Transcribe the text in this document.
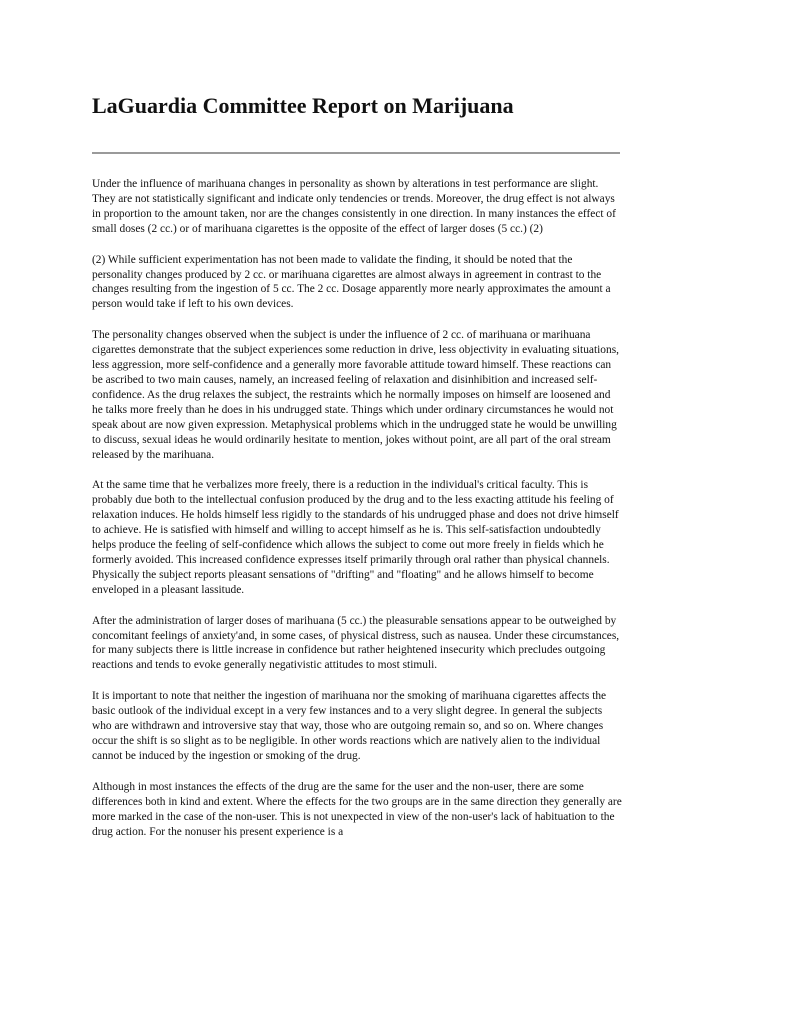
LaGuardia Committee Report on Marijuana

Under the influence of marihuana changes in personality as shown by alterations in test performance are slight. They are not statistically significant and indicate only tendencies or trends. Moreover, the drug effect is not always in proportion to the amount taken, nor are the changes consistently in one direction. In many instances the effect of small doses (2 cc.) or of marihuana cigarettes is the opposite of the effect of larger doses (5 cc.) (2)

(2) While sufficient experimentation has not been made to validate the finding, it should be noted that the personality changes produced by 2 cc. or marihuana cigarettes are almost always in agreement in contrast to the changes resulting from the ingestion of 5 cc. The 2 cc. Dosage apparently more nearly approximates the amount a person would take if left to his own devices.

The personality changes observed when the subject is under the influence of 2 cc. of marihuana or marihuana cigarettes demonstrate that the subject experiences some reduction in drive, less objectivity in evaluating situations, less aggression, more self-confidence and a generally more favorable attitude toward himself. These reactions can be ascribed to two main causes, namely, an increased feeling of relaxation and disinhibition and increased self-confidence. As the drug relaxes the subject, the restraints which he normally imposes on himself are loosened and he talks more freely than he does in his undrugged state. Things which under ordinary circumstances he would not speak about are now given expression. Metaphysical problems which in the undrugged state he would be unwilling to discuss, sexual ideas he would ordinarily hesitate to mention, jokes without point, are all part of the oral stream released by the marihuana.

At the same time that he verbalizes more freely, there is a reduction in the individual's critical faculty. This is probably due both to the intellectual confusion produced by the drug and to the less exacting attitude his feeling of relaxation induces. He holds himself less rigidly to the standards of his undrugged phase and does not drive himself to achieve. He is satisfied with himself and willing to accept himself as he is. This self-satisfaction undoubtedly helps produce the feeling of self-confidence which allows the subject to come out more freely in fields which he formerly avoided. This increased confidence expresses itself primarily through oral rather than physical channels. Physically the subject reports pleasant sensations of "drifting" and "floating" and he allows himself to become enveloped in a pleasant lassitude.

After the administration of larger doses of marihuana (5 cc.) the pleasurable sensations appear to be outweighed by concomitant feelings of anxiety'and, in some cases, of physical distress, such as nausea. Under these circumstances, for many subjects there is little increase in confidence but rather heightened insecurity which precludes outgoing reactions and tends to evoke generally negativistic attitudes to most stimuli.

It is important to note that neither the ingestion of marihuana nor the smoking of marihuana cigarettes affects the basic outlook of the individual except in a very few instances and to a very slight degree. In general the subjects who are withdrawn and introversive stay that way, those who are outgoing remain so, and so on. Where changes occur the shift is so slight as to be negligible. In other words reactions which are natively alien to the individual cannot be induced by the ingestion or smoking of the drug.

Although in most instances the effects of the drug are the same for the user and the non-user, there are some differences both in kind and extent. Where the effects for the two groups are in the same direction they generally are more marked in the case of the non-user. This is not unexpected in view of the non-user's lack of habituation to the drug action. For the nonuser his present experience is a
